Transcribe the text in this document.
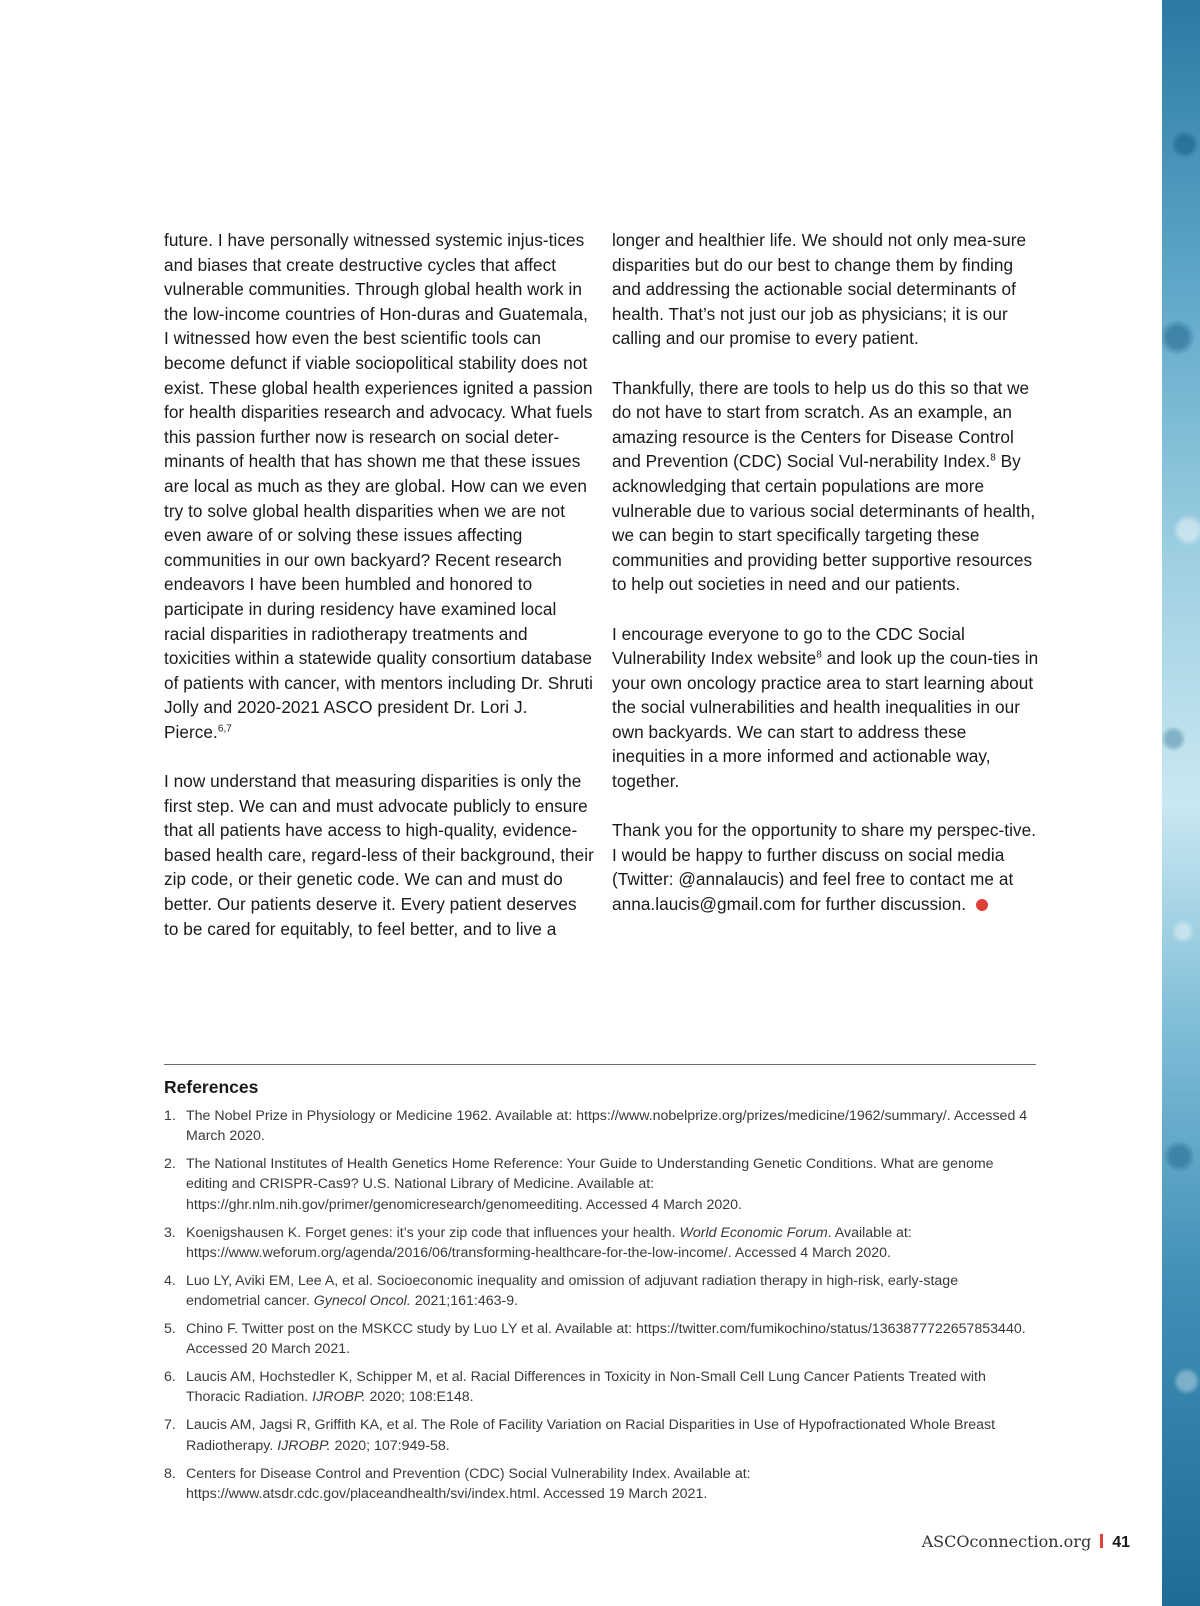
future. I have personally witnessed systemic injus-tices and biases that create destructive cycles that affect vulnerable communities. Through global health work in the low-income countries of Hon-duras and Guatemala, I witnessed how even the best scientific tools can become defunct if viable sociopolitical stability does not exist. These global health experiences ignited a passion for health disparities research and advocacy. What fuels this passion further now is research on social deter-minants of health that has shown me that these issues are local as much as they are global. How can we even try to solve global health disparities when we are not even aware of or solving these issues affecting communities in our own backyard? Recent research endeavors I have been humbled and honored to participate in during residency have examined local racial disparities in radiotherapy treatments and toxicities within a statewide quality consortium database of patients with cancer, with mentors including Dr. Shruti Jolly and 2020-2021 ASCO president Dr. Lori J. Pierce.$^{6,7}$

I now understand that measuring disparities is only the first step. We can and must advocate publicly to ensure that all patients have access to high-quality, evidence-based health care, regard-less of their background, their zip code, or their genetic code. We can and must do better. Our patients deserve it. Every patient deserves to be cared for equitably, to feel better, and to live a

longer and healthier life. We should not only mea-sure disparities but do our best to change them by finding and addressing the actionable social determinants of health. That’s not just our job as physicians; it is our calling and our promise to every patient.

Thankfully, there are tools to help us do this so that we do not have to start from scratch. As an example, an amazing resource is the Centers for Disease Control and Prevention (CDC) Social Vul-nerability Index.$^8$ By acknowledging that certain populations are more vulnerable due to various social determinants of health, we can begin to start specifically targeting these communities and providing better supportive resources to help out societies in need and our patients.

I encourage everyone to go to the CDC Social Vulnerability Index website$^8$ and look up the coun-ties in your own oncology practice area to start learning about the social vulnerabilities and health inequalities in our own backyards. We can start to address these inequities in a more informed and actionable way, together.

Thank you for the opportunity to share my perspec-tive. I would be happy to further discuss on social media (Twitter: @annalaucis) and feel free to contact me at anna.laucis@gmail.com for further discussion.

References
1. The Nobel Prize in Physiology or Medicine 1962. Available at: https://www.nobelprize.org/prizes/medicine/1962/summary/. Accessed 4 March 2020.
2. The National Institutes of Health Genetics Home Reference: Your Guide to Understanding Genetic Conditions. What are genome editing and CRISPR-Cas9? U.S. National Library of Medicine. Available at: https://ghr.nlm.nih.gov/primer/genomicresearch/genomeediting. Accessed 4 March 2020.
3. Koenigshausen K. Forget genes: it’s your zip code that influences your health. World Economic Forum. Available at: https://www.weforum.org/agenda/2016/06/transforming-healthcare-for-the-low-income/. Accessed 4 March 2020.
4. Luo LY, Aviki EM, Lee A, et al. Socioeconomic inequality and omission of adjuvant radiation therapy in high-risk, early-stage endometrial cancer. Gynecol Oncol. 2021;161:463-9.
5. Chino F. Twitter post on the MSKCC study by Luo LY et al. Available at: https://twitter.com/fumikochino/status/1363877722657853440. Accessed 20 March 2021.
6. Laucis AM, Hochstedler K, Schipper M, et al. Racial Differences in Toxicity in Non-Small Cell Lung Cancer Patients Treated with Thoracic Radiation. IJROBP. 2020; 108:E148.
7. Laucis AM, Jagsi R, Griffith KA, et al. The Role of Facility Variation on Racial Disparities in Use of Hypofractionated Whole Breast Radiotherapy. IJROBP. 2020; 107:949-58.
8. Centers for Disease Control and Prevention (CDC) Social Vulnerability Index. Available at: https://www.atsdr.cdc.gov/placeandhealth/svi/index.html. Accessed 19 March 2021.
ASCOconnection.org 41
